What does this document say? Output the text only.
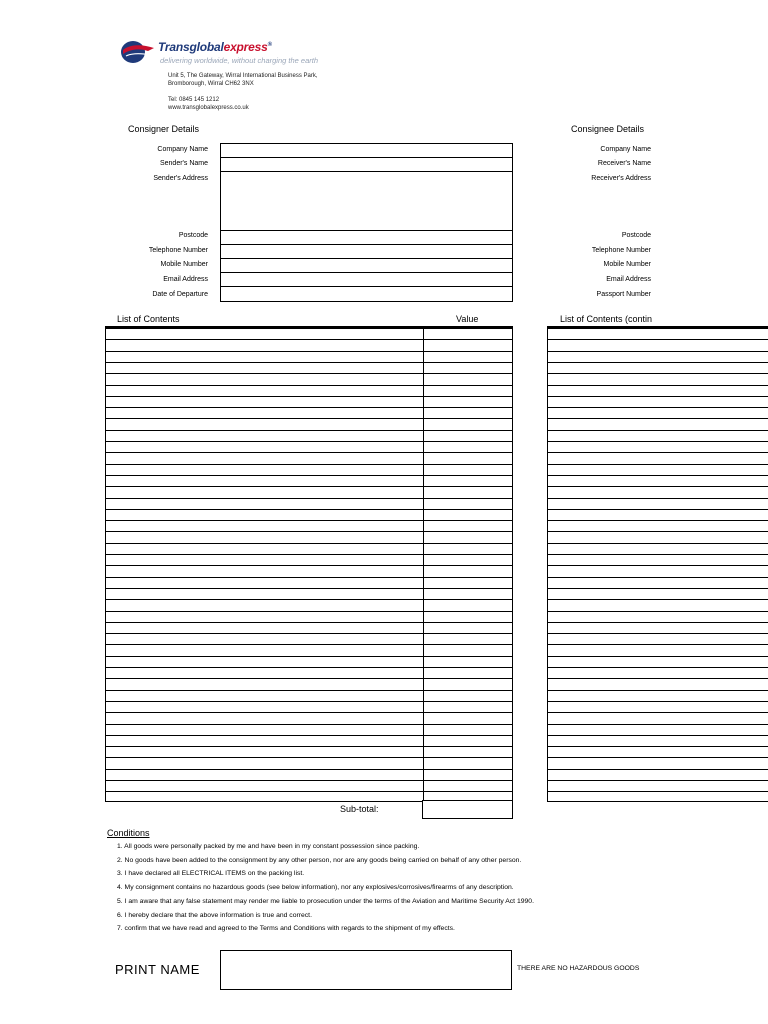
Transglobalexpress®
delivering worldwide, without charging the earth
Unit 5, The Gateway, Wirral International Business Park,
Bromborough, Wirral CH62 3NX
Tel: 0845 145 1212
www.transglobalexpress.co.uk
Consigner Details	Consignee Details
Company Name
Sender's Name
Sender's Address
Postcode
Telephone Number
Mobile Number
Email Address
Date of Departure
Company Name
Receiver's Name
Receiver's Address
Postcode
Telephone Number
Mobile Number
Email Address
Passport Number
List of Contents	Value	List of Contents (contin
Sub-total:
Conditions
1. All goods were personally packed by me and have been in my constant possession since packing.
2. No goods have been added to the consignment by any other person, nor are any goods being carried on behalf of any other person.
3. I have declared all ELECTRICAL ITEMS on the packing list.
4. My consignment contains no hazardous goods (see below information), nor any explosives/corrosives/firearms of any description.
5. I am aware that any false statement may render me liable to prosecution under the terms of the Aviation and Maritime Security Act 1990.
6. I hereby declare that the above information is true and correct.
7. confirm that we have read and agreed to the Terms and Conditions with regards to the shipment of my effects.
PRINT NAME	THERE ARE NO HAZARDOUS GOODS
